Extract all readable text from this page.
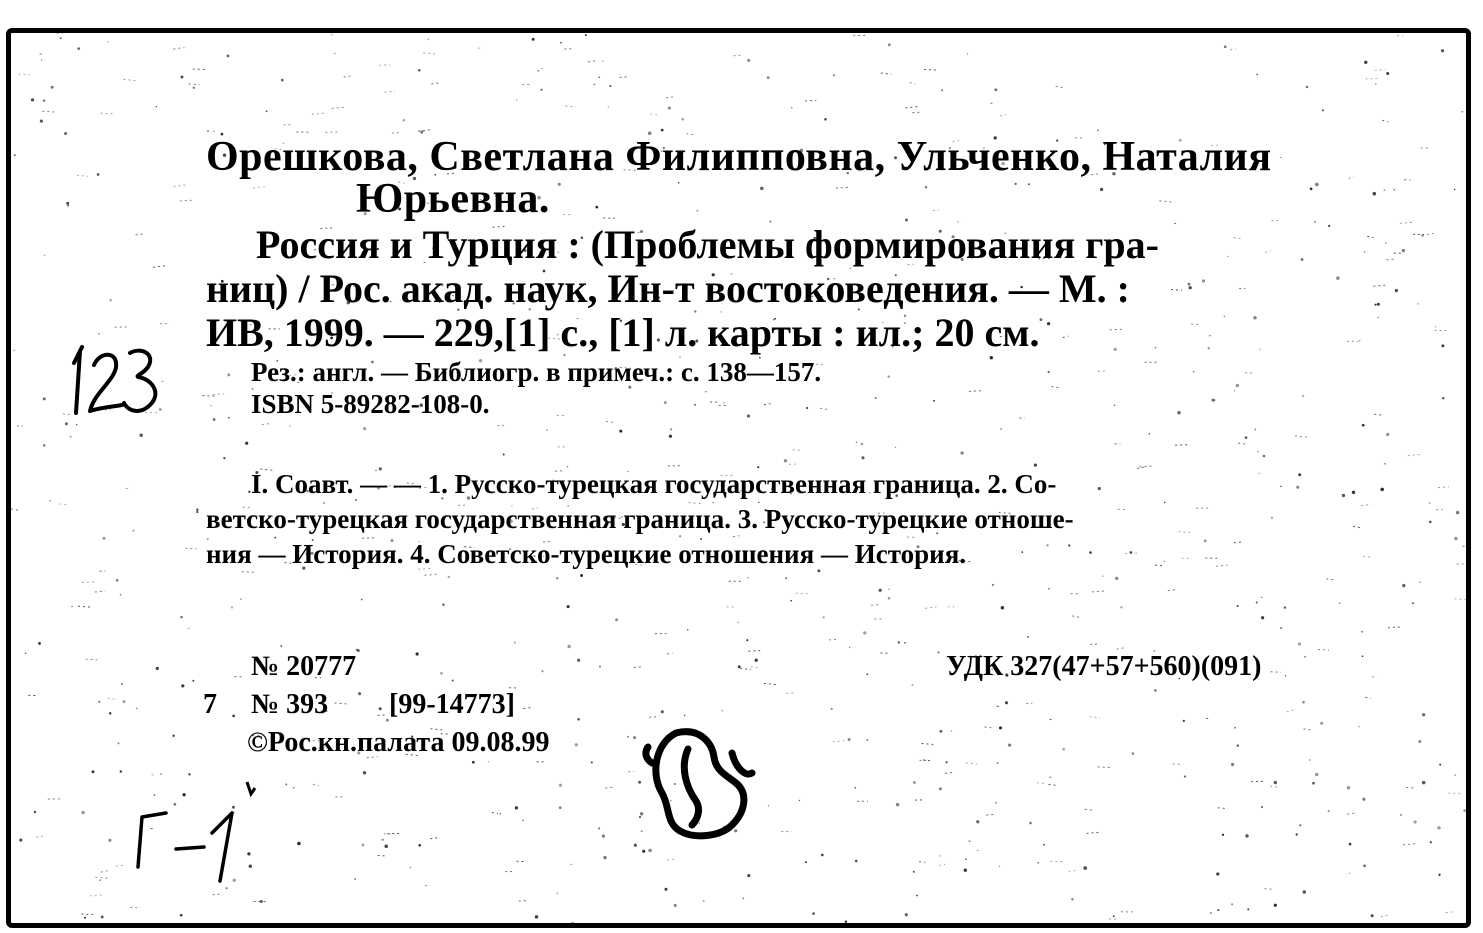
Орешкова, Светлана Филипповна, Ульченко, Наталия
Юрьевна.
Россия и Турция : (Проблемы формирования гра-
ниц) / Рос. акад. наук, Ин-т востоковедения. — М. :
ИВ, 1999. — 229,[1] с., [1] л. карты : ил.; 20 см.
Рез.: англ. — Библиогр. в примеч.: с. 138—157.
ISBN 5-89282-108-0.
I. Соавт. — — 1. Русско-турецкая государственная граница. 2. Со-
ветско-турецкая государственная граница. 3. Русско-турецкие отноше-
ния — История. 4. Советско-турецкие отношения — История.
№ 20777	УДК 327(47+57+560)(091)
7 № 393 [99-14773]
©Рос.кн.палата 09.08.99
